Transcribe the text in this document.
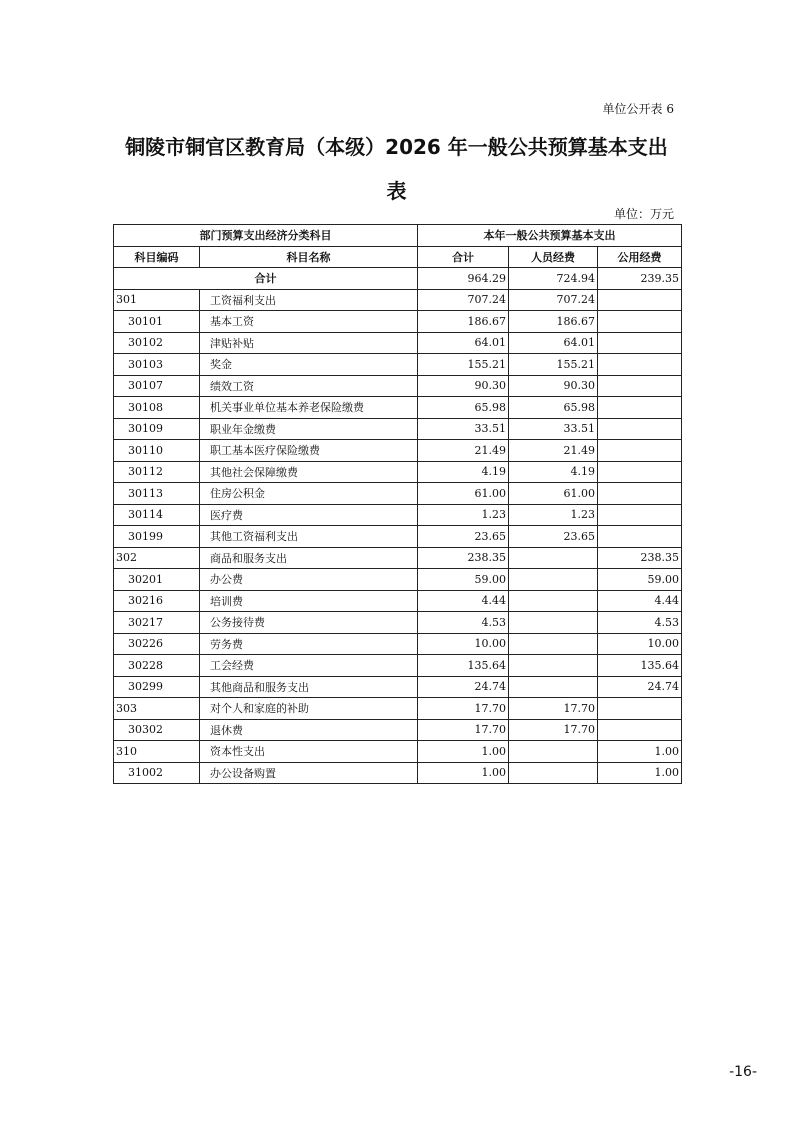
单位公开表 6
铜陵市铜官区教育局（本级）2026 年一般公共预算基本支出
表
单位：万元
部门预算支出经济分类科目		本年一般公共预算基本支出		
科目编码	科目名称	合计	人员经费	公用经费
合计		964.29	724.94	239.35
301	工资福利支出	707.24	707.24	
30101	基本工资	186.67	186.67	
30102	津贴补贴	64.01	64.01	
30103	奖金	155.21	155.21	
30107	绩效工资	90.30	90.30	
30108	机关事业单位基本养老保险缴费	65.98	65.98	
30109	职业年金缴费	33.51	33.51	
30110	职工基本医疗保险缴费	21.49	21.49	
30112	其他社会保障缴费	4.19	4.19	
30113	住房公积金	61.00	61.00	
30114	医疗费	1.23	1.23	
30199	其他工资福利支出	23.65	23.65	
302	商品和服务支出	238.35		238.35
30201	办公费	59.00		59.00
30216	培训费	4.44		4.44
30217	公务接待费	4.53		4.53
30226	劳务费	10.00		10.00
30228	工会经费	135.64		135.64
30299	其他商品和服务支出	24.74		24.74
303	对个人和家庭的补助	17.70	17.70	
30302	退休费	17.70	17.70	
310	资本性支出	1.00		1.00
31002	办公设备购置	1.00		1.00
-16-
